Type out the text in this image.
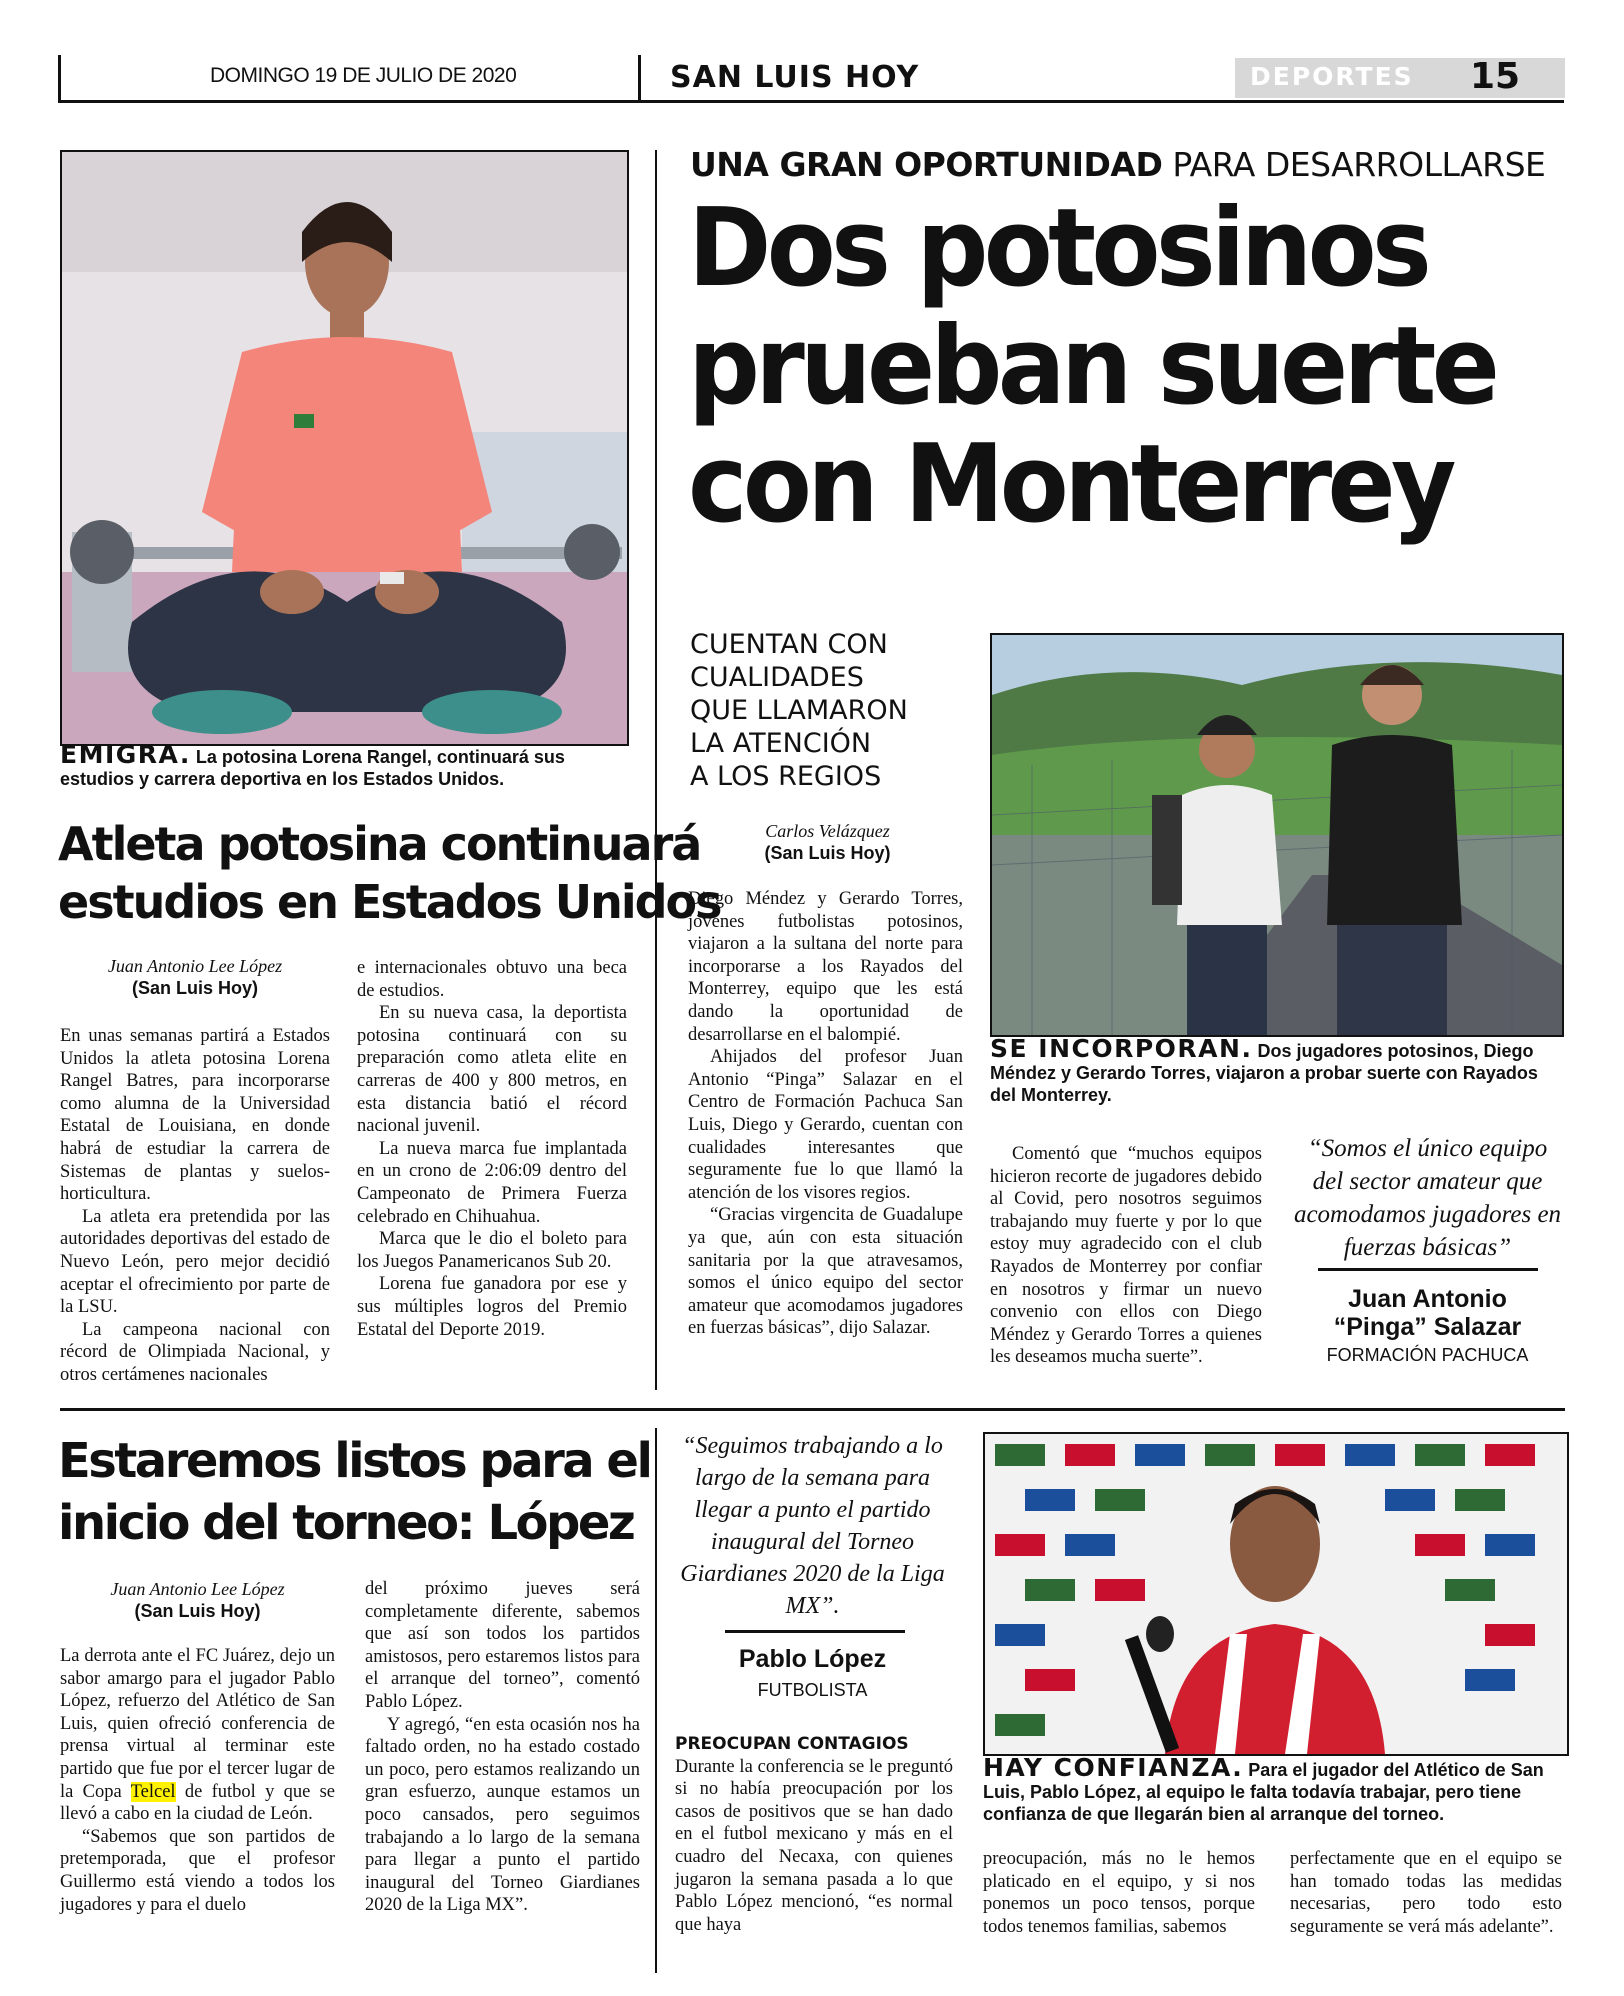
DOMINGO 19 DE JULIO DE 2020	SAN LUIS HOY	DEPORTES 15
EMIGRA. La potosina Lorena Rangel, continuará sus estudios y carrera deportiva en los Estados Unidos.
Atleta potosina continuará
estudios en Estados Unidos
Juan Antonio Lee López
(San Luis Hoy)

En unas semanas partirá a Estados Unidos la atleta potosina Lorena Rangel Batres, para incorporarse como alumna de la Universidad Estatal de Louisiana, en donde habrá de estudiar la carrera de Sistemas de plantas y suelos-horticultura.

La atleta era pretendida por las autoridades deportivas del estado de Nuevo León, pero mejor decidió aceptar el ofrecimiento por parte de la LSU.

La campeona nacional con récord de Olimpiada Nacional, y otros certámenes nacionales

e internacionales obtuvo una beca de estudios.

En su nueva casa, la deportista potosina continuará con su preparación como atleta elite en carreras de 400 y 800 metros, en esta distancia batió el récord nacional juvenil.

La nueva marca fue implantada en un crono de 2:06:09 dentro del Campeonato de Primera Fuerza celebrado en Chihuahua.

Marca que le dio el boleto para los Juegos Panamericanos Sub 20.

Lorena fue ganadora por ese y sus múltiples logros del Premio Estatal del Deporte 2019.

UNA GRAN OPORTUNIDAD PARA DESARROLLARSE
Dos potosinos
prueban suerte
con Monterrey
CUENTAN CON
CUALIDADES
QUE LLAMARON
LA ATENCIÓN
A LOS REGIOS
Carlos Velázquez
(San Luis Hoy)

Diego Méndez y Gerardo Torres, jóvenes futbolistas potosinos, viajaron a la sultana del norte para incorporarse a los Rayados del Monterrey, equipo que les está dando la oportunidad de desarrollarse en el balompié.

Ahijados del profesor Juan Antonio “Pinga” Salazar en el Centro de Formación Pachuca San Luis, Diego y Gerardo, cuentan con cualidades interesantes que seguramente fue lo que llamó la atención de los visores regios.

“Gracias virgencita de Guadalupe ya que, aún con esta situación sanitaria por la que atravesamos, somos el único equipo del sector amateur que acomodamos jugadores en fuerzas básicas”, dijo Salazar.

SE INCORPORAN. Dos jugadores potosinos, Diego Méndez y Gerardo Torres, viajaron a probar suerte con Rayados del Monterrey.

Comentó que “muchos equipos hicieron recorte de jugadores debido al Covid, pero nosotros seguimos trabajando muy fuerte y por lo que estoy muy agradecido con el club Rayados de Monterrey por confiar en nosotros y firmar un nuevo convenio con ellos con Diego Méndez y Gerardo Torres a quienes les deseamos mucha suerte”.

“Somos el único equipo del sector amateur que acomodamos jugadores en fuerzas básicas”
Juan Antonio
“Pinga” Salazar
FORMACIÓN PACHUCA
Estaremos listos para el
inicio del torneo: López
Juan Antonio Lee López
(San Luis Hoy)

La derrota ante el FC Juárez, dejo un sabor amargo para el jugador Pablo López, refuerzo del Atlético de San Luis, quien ofreció conferencia de prensa virtual al terminar este partido que fue por el tercer lugar de la Copa Telcel de futbol y que se llevó a cabo en la ciudad de León.

“Sabemos que son partidos de pretemporada, que el profesor Guillermo está viendo a todos los jugadores y para el duelo

del próximo jueves será completamente diferente, sabemos que así son todos los partidos amistosos, pero estaremos listos para el arranque del torneo”, comentó Pablo López.

Y agregó, “en esta ocasión nos ha faltado orden, no ha estado costado un poco, pero estamos realizando un gran esfuerzo, aunque estamos un poco cansados, pero seguimos trabajando a lo largo de la semana para llegar a punto el partido inaugural del Torneo Giardianes 2020 de la Liga MX”.

“Seguimos trabajando a lo largo de la semana para llegar a punto el partido inaugural del Torneo Giardianes 2020 de la Liga MX”.
Pablo López
FUTBOLISTA
PREOCUPAN CONTAGIOS

Durante la conferencia se le preguntó si no había preocupación por los casos de positivos que se han dado en el futbol mexicano y más en el cuadro del Necaxa, con quienes jugaron la semana pasada a lo que Pablo López mencionó, “es normal que haya

HAY CONFIANZA. Para el jugador del Atlético de San Luis, Pablo López, al equipo le falta todavía trabajar, pero tiene confianza de que llegarán bien al arranque del torneo.

preocupación, más no le hemos platicado en el equipo, y si nos ponemos un poco tensos, porque todos tenemos familias, sabemos

perfectamente que en el equipo se han tomado todas las medidas necesarias, pero todo esto seguramente se verá más adelante”.
